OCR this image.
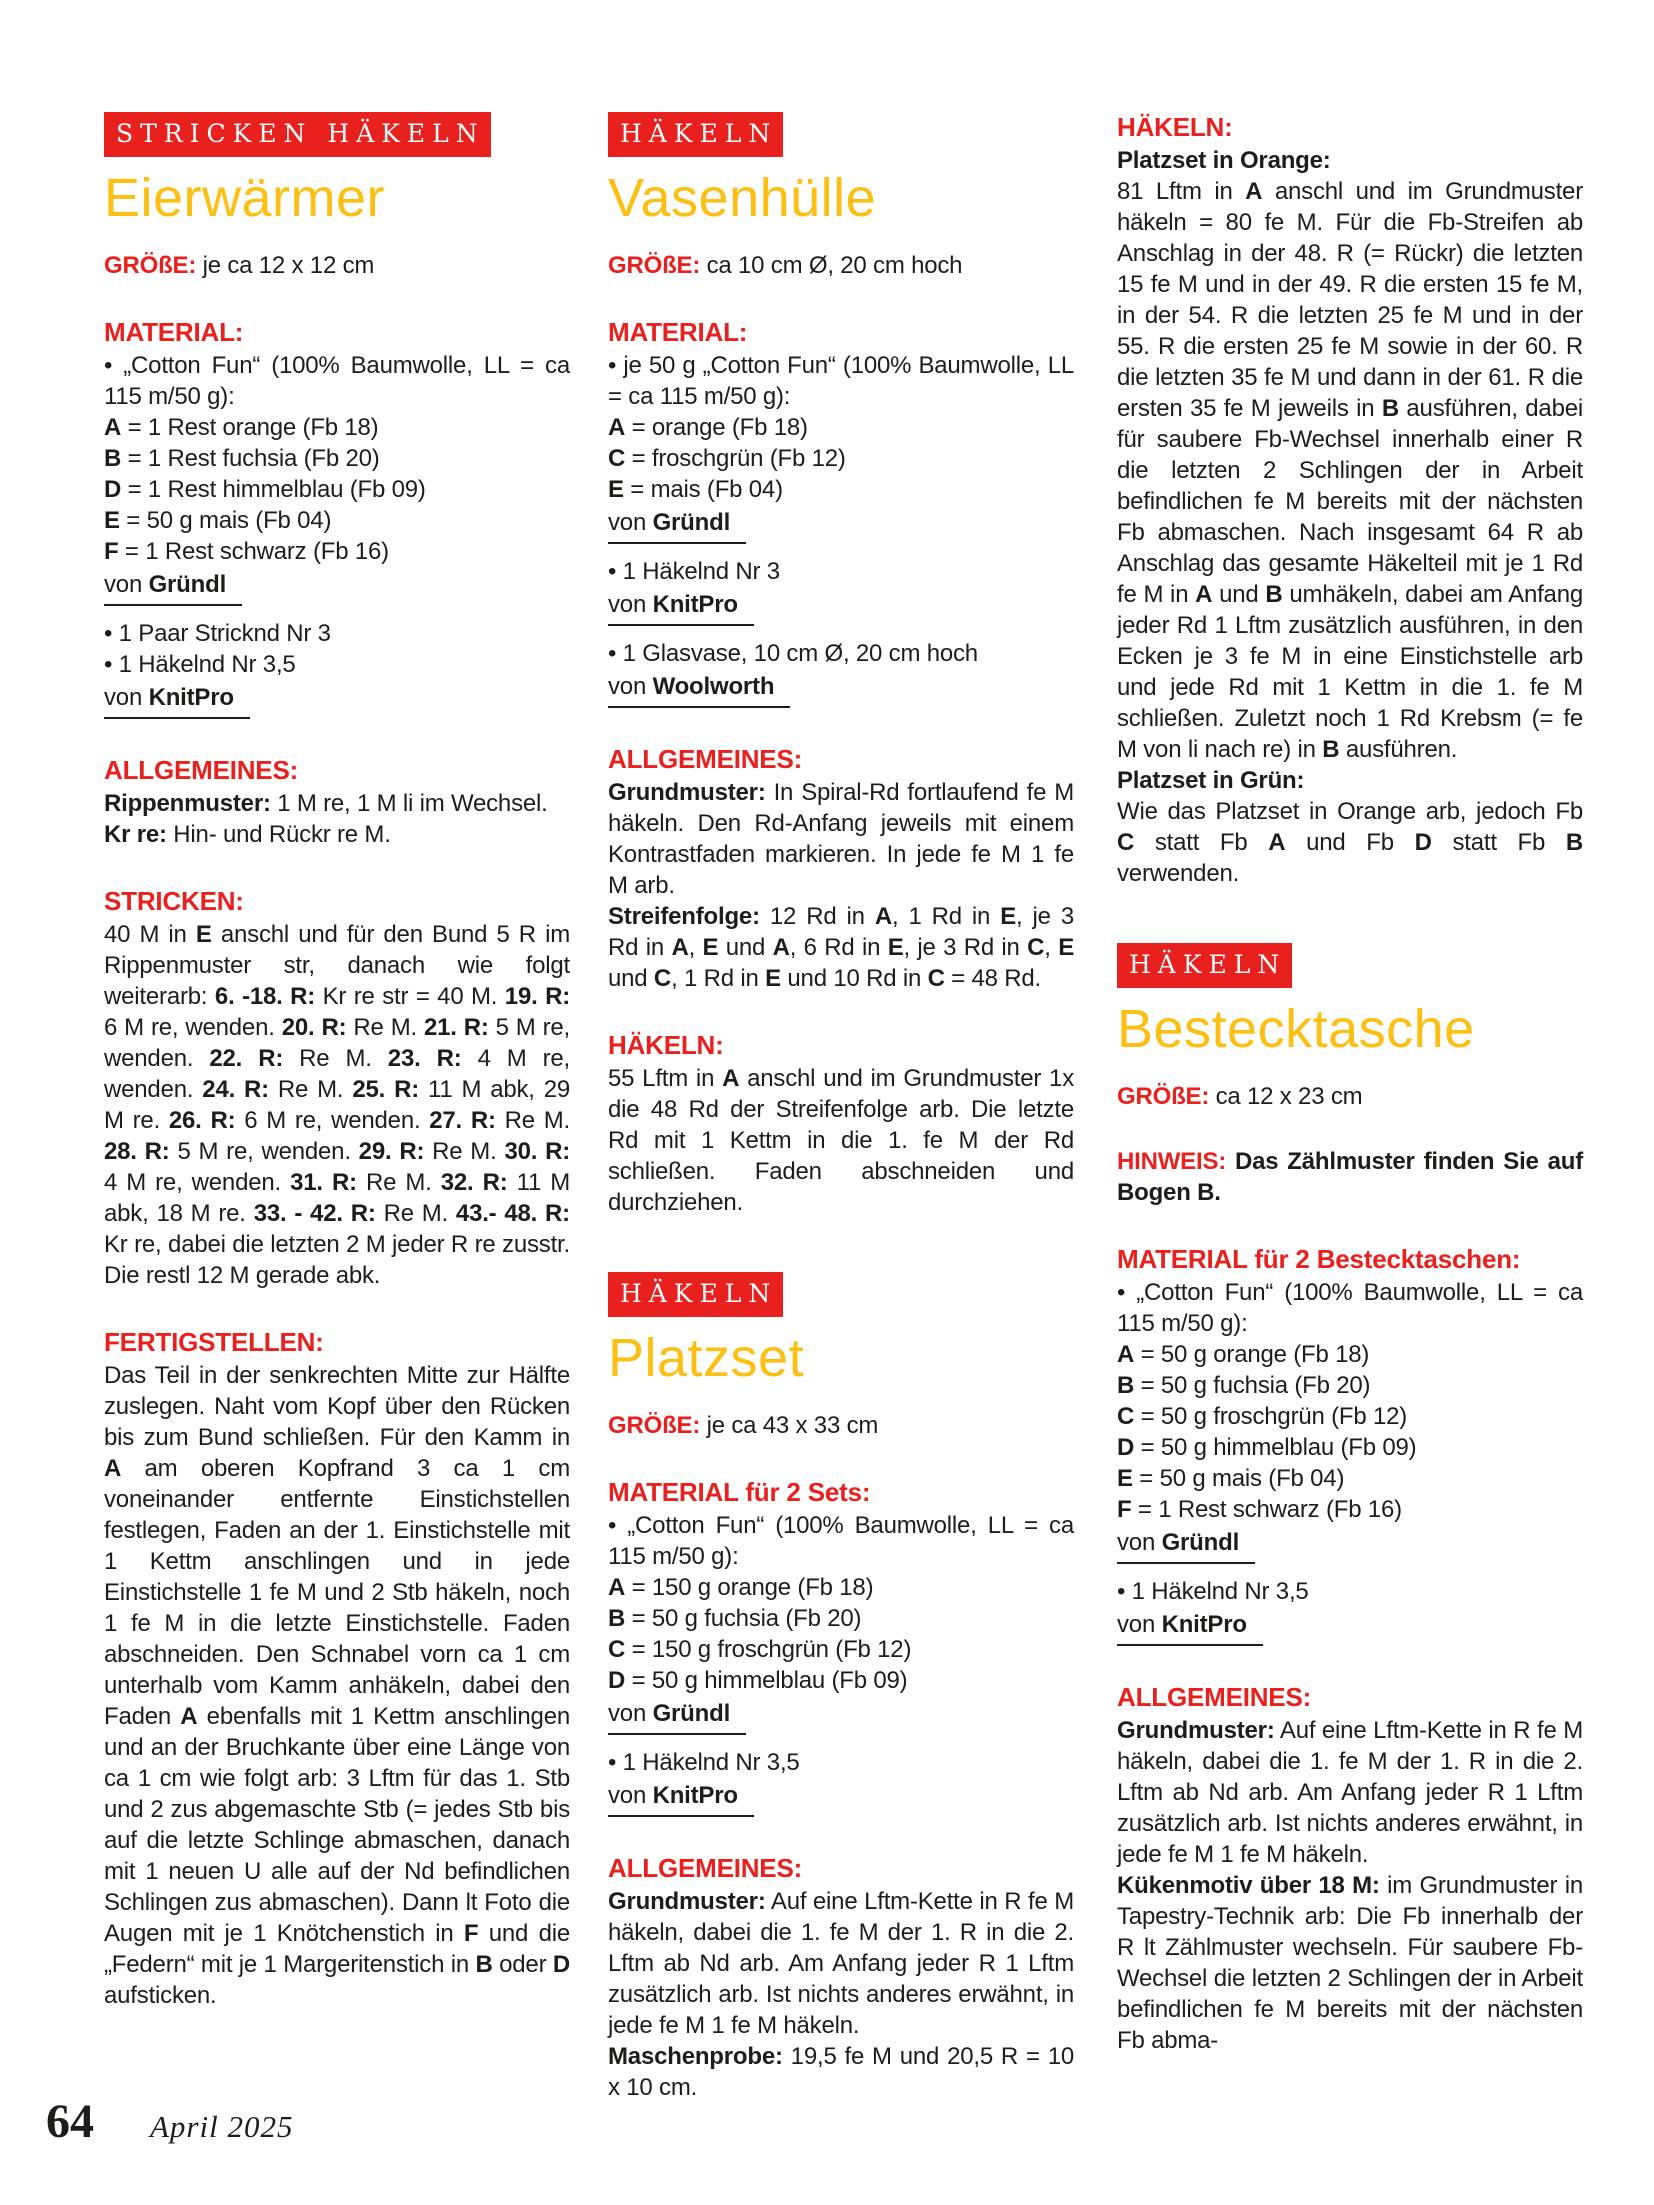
STRICKEN HÄKELN
Eierwärmer

GRÖßE: je ca 12 x 12 cm

MATERIAL:

• „Cotton Fun“ (100% Baumwolle, LL = ca 115 m/50 g):

A = 1 Rest orange (Fb 18)

B = 1 Rest fuchsia (Fb 20)

D = 1 Rest himmelblau (Fb 09)

E = 50 g mais (Fb 04)

F = 1 Rest schwarz (Fb 16)

von Gründl

• 1 Paar Stricknd Nr 3

• 1 Häkelnd Nr 3,5

von KnitPro

ALLGEMEINES:

Rippenmuster: 1 M re, 1 M li im Wechsel.

Kr re: Hin- und Rückr re M.

STRICKEN:

40 M in E anschl und für den Bund 5 R im Rippenmuster str, danach wie folgt weiterarb: 6. -18. R: Kr re str = 40 M. 19. R: 6 M re, wenden. 20. R: Re M. 21. R: 5 M re, wenden. 22. R: Re M. 23. R: 4 M re, wenden. 24. R: Re M. 25. R: 11 M abk, 29 M re. 26. R: 6 M re, wenden. 27. R: Re M. 28. R: 5 M re, wenden. 29. R: Re M. 30. R: 4 M re, wenden. 31. R: Re M. 32. R: 11 M abk, 18 M re. 33. - 42. R: Re M. 43.- 48. R: Kr re, dabei die letzten 2 M jeder R re zusstr. Die restl 12 M gerade abk.

FERTIGSTELLEN:

Das Teil in der senkrechten Mitte zur Hälfte zuslegen. Naht vom Kopf über den Rücken bis zum Bund schließen. Für den Kamm in A am oberen Kopfrand 3 ca 1 cm voneinander entfernte Einstichstellen festlegen, Faden an der 1. Einstichstelle mit 1 Kettm anschlingen und in jede Einstichstelle 1 fe M und 2 Stb häkeln, noch 1 fe M in die letzte Einstichstelle. Faden abschneiden. Den Schnabel vorn ca 1 cm unterhalb vom Kamm anhäkeln, dabei den Faden A ebenfalls mit 1 Kettm anschlingen und an der Bruchkante über eine Länge von ca 1 cm wie folgt arb: 3 Lftm für das 1. Stb und 2 zus abgemaschte Stb (= jedes Stb bis auf die letzte Schlinge abmaschen, danach mit 1 neuen U alle auf der Nd befindlichen Schlingen zus abmaschen). Dann lt Foto die Augen mit je 1 Knötchenstich in F und die „Federn“ mit je 1 Margeritenstich in B oder D aufsticken.

HÄKELN
Vasenhülle

GRÖßE: ca 10 cm Ø, 20 cm hoch

MATERIAL:

• je 50 g „Cotton Fun“ (100% Baumwolle, LL = ca 115 m/50 g):

A = orange (Fb 18)

C = froschgrün (Fb 12)

E = mais (Fb 04)

von Gründl

• 1 Häkelnd Nr 3

von KnitPro

• 1 Glasvase, 10 cm Ø, 20 cm hoch

von Woolworth

ALLGEMEINES:

Grundmuster: In Spiral-Rd fortlaufend fe M häkeln. Den Rd-Anfang jeweils mit einem Kontrastfaden markieren. In jede fe M 1 fe M arb.

Streifenfolge: 12 Rd in A, 1 Rd in E, je 3 Rd in A, E und A, 6 Rd in E, je 3 Rd in C, E und C, 1 Rd in E und 10 Rd in C = 48 Rd.

HÄKELN:

55 Lftm in A anschl und im Grundmuster 1x die 48 Rd der Streifenfolge arb. Die letzte Rd mit 1 Kettm in die 1. fe M der Rd schließen. Faden abschneiden und durchziehen.

HÄKELN
Platzset

GRÖßE: je ca 43 x 33 cm

MATERIAL für 2 Sets:

• „Cotton Fun“ (100% Baumwolle, LL = ca 115 m/50 g):

A = 150 g orange (Fb 18)

B = 50 g fuchsia (Fb 20)

C = 150 g froschgrün (Fb 12)

D = 50 g himmelblau (Fb 09)

von Gründl

• 1 Häkelnd Nr 3,5

von KnitPro

ALLGEMEINES:

Grundmuster: Auf eine Lftm-Kette in R fe M häkeln, dabei die 1. fe M der 1. R in die 2. Lftm ab Nd arb. Am Anfang jeder R 1 Lftm zusätzlich arb. Ist nichts anderes erwähnt, in jede fe M 1 fe M häkeln.

Maschenprobe: 19,5 fe M und 20,5 R = 10 x 10 cm.

HÄKELN:

Platzset in Orange:

81 Lftm in A anschl und im Grundmuster häkeln = 80 fe M. Für die Fb-Streifen ab Anschlag in der 48. R (= Rückr) die letzten 15 fe M und in der 49. R die ersten 15 fe M, in der 54. R die letzten 25 fe M und in der 55. R die ersten 25 fe M sowie in der 60. R die letzten 35 fe M und dann in der 61. R die ersten 35 fe M jeweils in B ausführen, dabei für saubere Fb-Wechsel innerhalb einer R die letzten 2 Schlingen der in Arbeit befindlichen fe M bereits mit der nächsten Fb abmaschen. Nach insgesamt 64 R ab Anschlag das gesamte Häkelteil mit je 1 Rd fe M in A und B umhäkeln, dabei am Anfang jeder Rd 1 Lftm zusätzlich ausführen, in den Ecken je 3 fe M in eine Einstichstelle arb und jede Rd mit 1 Kettm in die 1. fe M schließen. Zuletzt noch 1 Rd Krebsm (= fe M von li nach re) in B ausführen.

Platzset in Grün:

Wie das Platzset in Orange arb, jedoch Fb C statt Fb A und Fb D statt Fb B verwenden.

HÄKELN
Bestecktasche

GRÖßE: ca 12 x 23 cm

HINWEIS: Das Zählmuster finden Sie auf Bogen B.

MATERIAL für 2 Bestecktaschen:

• „Cotton Fun“ (100% Baumwolle, LL = ca 115 m/50 g):

A = 50 g orange (Fb 18)

B = 50 g fuchsia (Fb 20)

C = 50 g froschgrün (Fb 12)

D = 50 g himmelblau (Fb 09)

E = 50 g mais (Fb 04)

F = 1 Rest schwarz (Fb 16)

von Gründl

• 1 Häkelnd Nr 3,5

von KnitPro

ALLGEMEINES:

Grundmuster: Auf eine Lftm-Kette in R fe M häkeln, dabei die 1. fe M der 1. R in die 2. Lftm ab Nd arb. Am Anfang jeder R 1 Lftm zusätzlich arb. Ist nichts anderes erwähnt, in jede fe M 1 fe M häkeln.

Kükenmotiv über 18 M: im Grundmuster in Tapestry-Technik arb: Die Fb innerhalb der R lt Zählmuster wechseln. Für saubere Fb-Wechsel die letzten 2 Schlingen der in Arbeit befindlichen fe M bereits mit der nächsten Fb abma-

64 April 2025
